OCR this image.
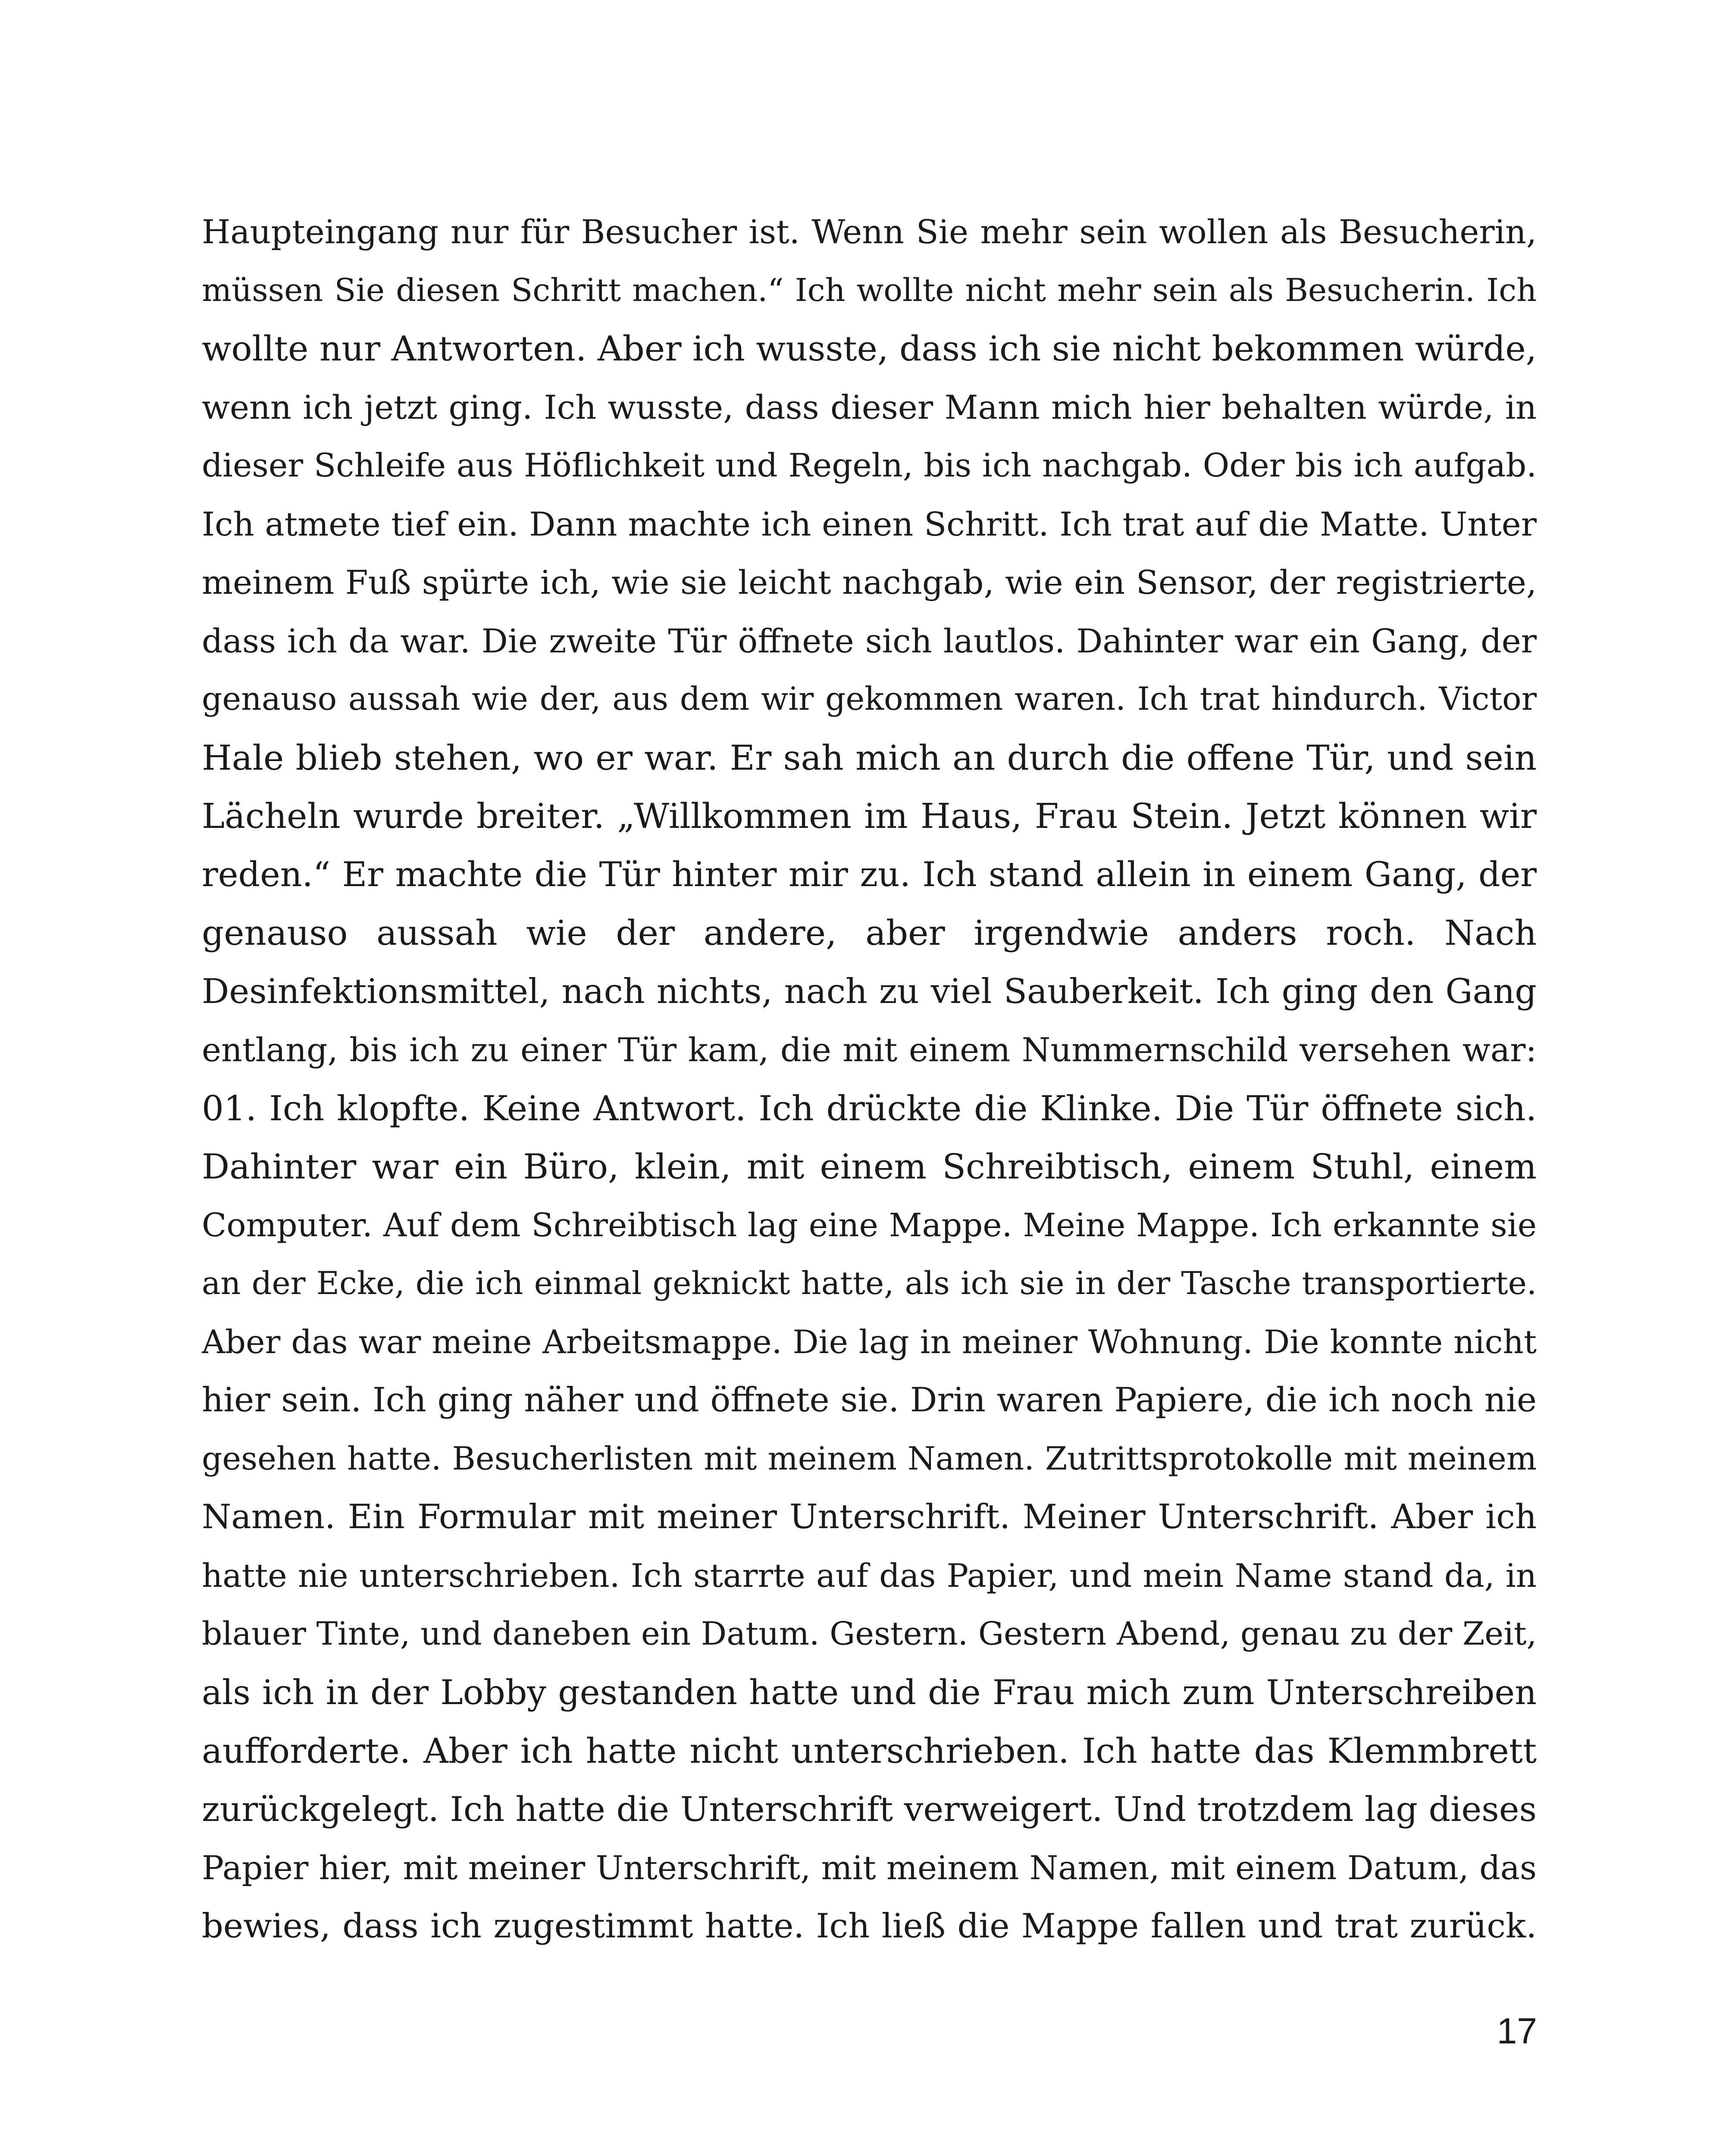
Haupteingang nur für Besucher ist. Wenn Sie mehr sein wollen als Besucherin,
müssen Sie diesen Schritt machen.“ Ich wollte nicht mehr sein als Besucherin. Ich
wollte nur Antworten. Aber ich wusste, dass ich sie nicht bekommen würde,
wenn ich jetzt ging. Ich wusste, dass dieser Mann mich hier behalten würde, in
dieser Schleife aus Höflichkeit und Regeln, bis ich nachgab. Oder bis ich aufgab.
Ich atmete tief ein. Dann machte ich einen Schritt. Ich trat auf die Matte. Unter
meinem Fuß spürte ich, wie sie leicht nachgab, wie ein Sensor, der registrierte,
dass ich da war. Die zweite Tür öffnete sich lautlos. Dahinter war ein Gang, der
genauso aussah wie der, aus dem wir gekommen waren. Ich trat hindurch. Victor
Hale blieb stehen, wo er war. Er sah mich an durch die offene Tür, und sein
Lächeln wurde breiter. „Willkommen im Haus, Frau Stein. Jetzt können wir
reden.“ Er machte die Tür hinter mir zu. Ich stand allein in einem Gang, der
genauso aussah wie der andere, aber irgendwie anders roch. Nach
Desinfektionsmittel, nach nichts, nach zu viel Sauberkeit. Ich ging den Gang
entlang, bis ich zu einer Tür kam, die mit einem Nummernschild versehen war:
01. Ich klopfte. Keine Antwort. Ich drückte die Klinke. Die Tür öffnete sich.
Dahinter war ein Büro, klein, mit einem Schreibtisch, einem Stuhl, einem
Computer. Auf dem Schreibtisch lag eine Mappe. Meine Mappe. Ich erkannte sie
an der Ecke, die ich einmal geknickt hatte, als ich sie in der Tasche transportierte.
Aber das war meine Arbeitsmappe. Die lag in meiner Wohnung. Die konnte nicht
hier sein. Ich ging näher und öffnete sie. Drin waren Papiere, die ich noch nie
gesehen hatte. Besucherlisten mit meinem Namen. Zutrittsprotokolle mit meinem
Namen. Ein Formular mit meiner Unterschrift. Meiner Unterschrift. Aber ich
hatte nie unterschrieben. Ich starrte auf das Papier, und mein Name stand da, in
blauer Tinte, und daneben ein Datum. Gestern. Gestern Abend, genau zu der Zeit,
als ich in der Lobby gestanden hatte und die Frau mich zum Unterschreiben
aufforderte. Aber ich hatte nicht unterschrieben. Ich hatte das Klemmbrett
zurückgelegt. Ich hatte die Unterschrift verweigert. Und trotzdem lag dieses
Papier hier, mit meiner Unterschrift, mit meinem Namen, mit einem Datum, das
bewies, dass ich zugestimmt hatte. Ich ließ die Mappe fallen und trat zurück.

17
